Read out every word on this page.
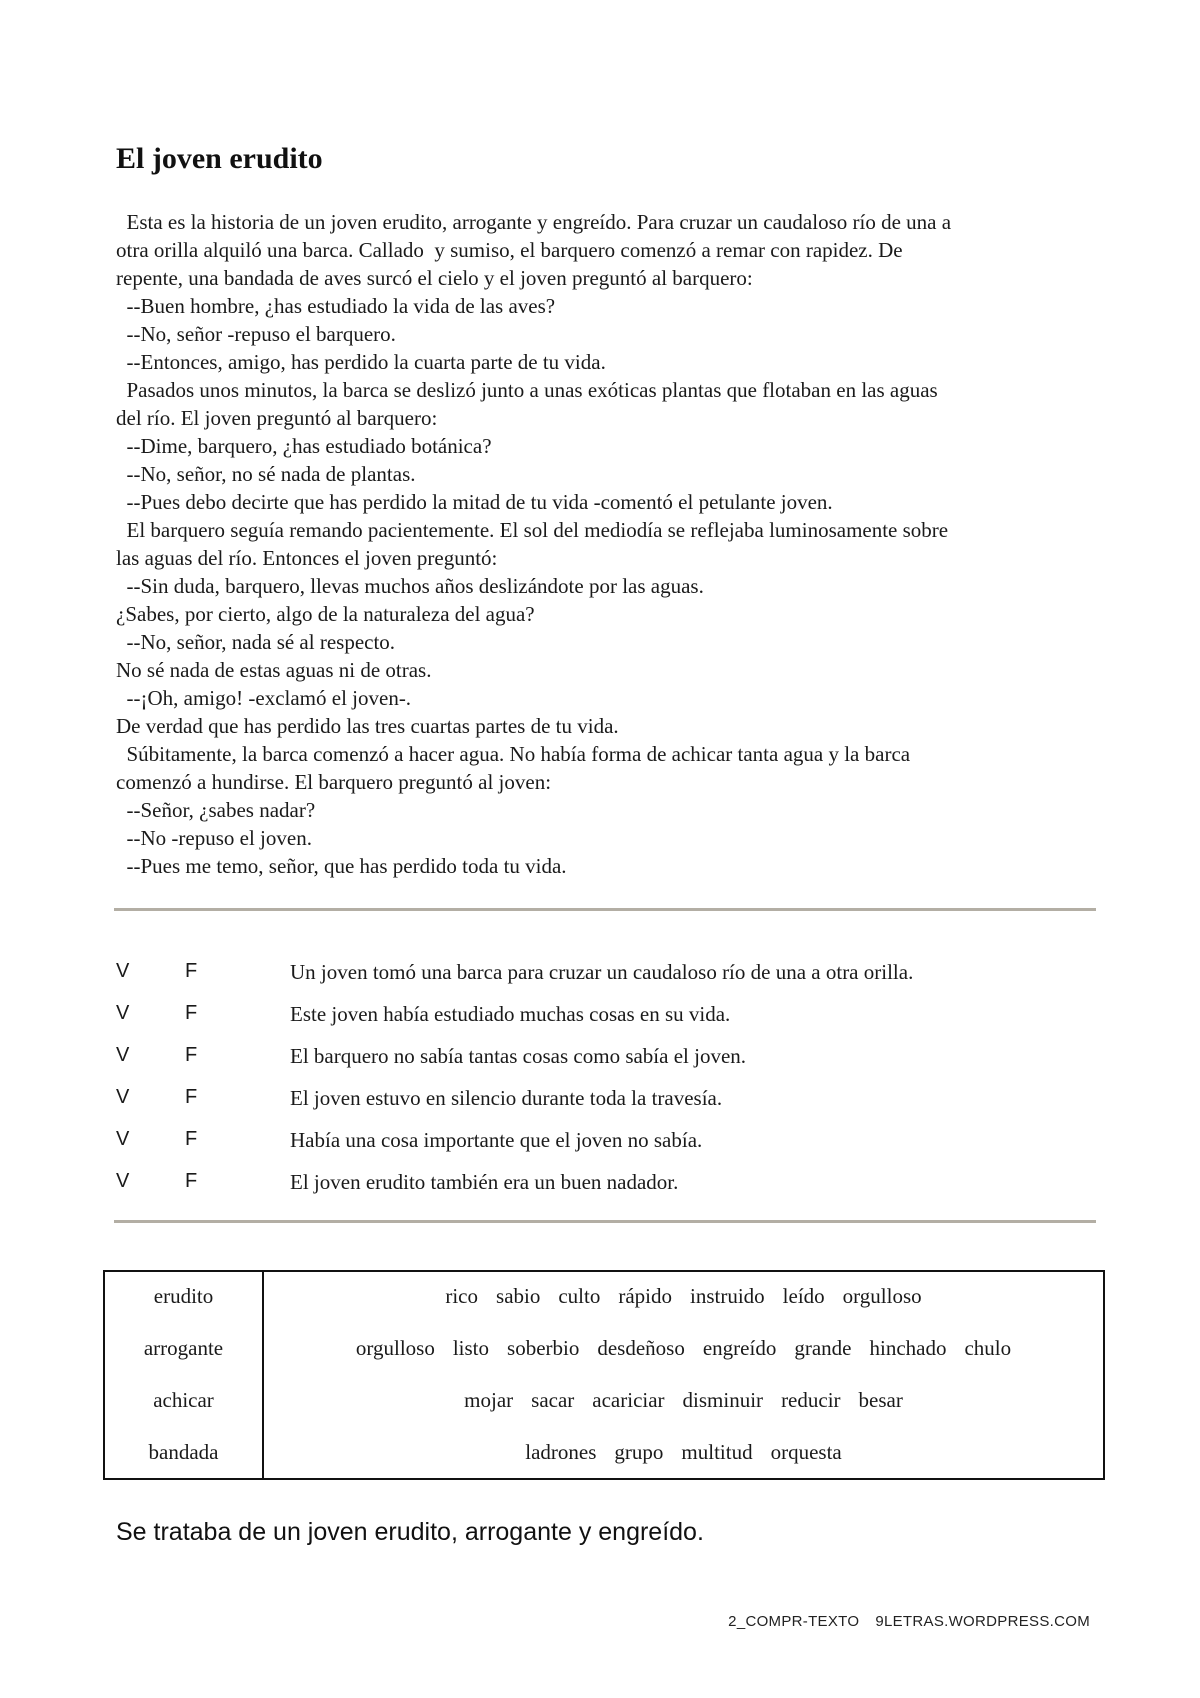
El joven erudito
Esta es la historia de un joven erudito, arrogante y engreído. Para cruzar un caudaloso río de una a
otra orilla alquiló una barca. Callado  y sumiso, el barquero comenzó a remar con rapidez. De
repente, una bandada de aves surcó el cielo y el joven preguntó al barquero:
--Buen hombre, ¿has estudiado la vida de las aves?
--No, señor -repuso el barquero.
--Entonces, amigo, has perdido la cuarta parte de tu vida.
Pasados unos minutos, la barca se deslizó junto a unas exóticas plantas que flotaban en las aguas
del río. El joven preguntó al barquero:
--Dime, barquero, ¿has estudiado botánica?
--No, señor, no sé nada de plantas.
--Pues debo decirte que has perdido la mitad de tu vida -comentó el petulante joven.
El barquero seguía remando pacientemente. El sol del mediodía se reflejaba luminosamente sobre
las aguas del río. Entonces el joven preguntó:
--Sin duda, barquero, llevas muchos años deslizándote por las aguas.
¿Sabes, por cierto, algo de la naturaleza del agua?
--No, señor, nada sé al respecto.
No sé nada de estas aguas ni de otras.
--¡Oh, amigo! -exclamó el joven-.
De verdad que has perdido las tres cuartas partes de tu vida.
Súbitamente, la barca comenzó a hacer agua. No había forma de achicar tanta agua y la barca
comenzó a hundirse. El barquero preguntó al joven:
--Señor, ¿sabes nadar?
--No -repuso el joven.
--Pues me temo, señor, que has perdido toda tu vida.
V	F	Un joven tomó una barca para cruzar un caudaloso río de una a otra orilla.
V	F	Este joven había estudiado muchas cosas en su vida.
V	F	El barquero no sabía tantas cosas como sabía el joven.
V	F	El joven estuvo en silencio durante toda la travesía.
V	F	Había una cosa importante que el joven no sabía.
V	F	El joven erudito también era un buen nadador.
erudito	rico sabio culto rápido instruido leído orgulloso
arrogante	orgulloso listo soberbio desdeñoso engreído grande hinchado chulo
achicar	mojar sacar acariciar disminuir reducir besar
bandada	ladrones grupo multitud orquesta
Se trataba de un joven erudito, arrogante y engreído.
2_COMPR-TEXTO 9LETRAS.WORDPRESS.COM
